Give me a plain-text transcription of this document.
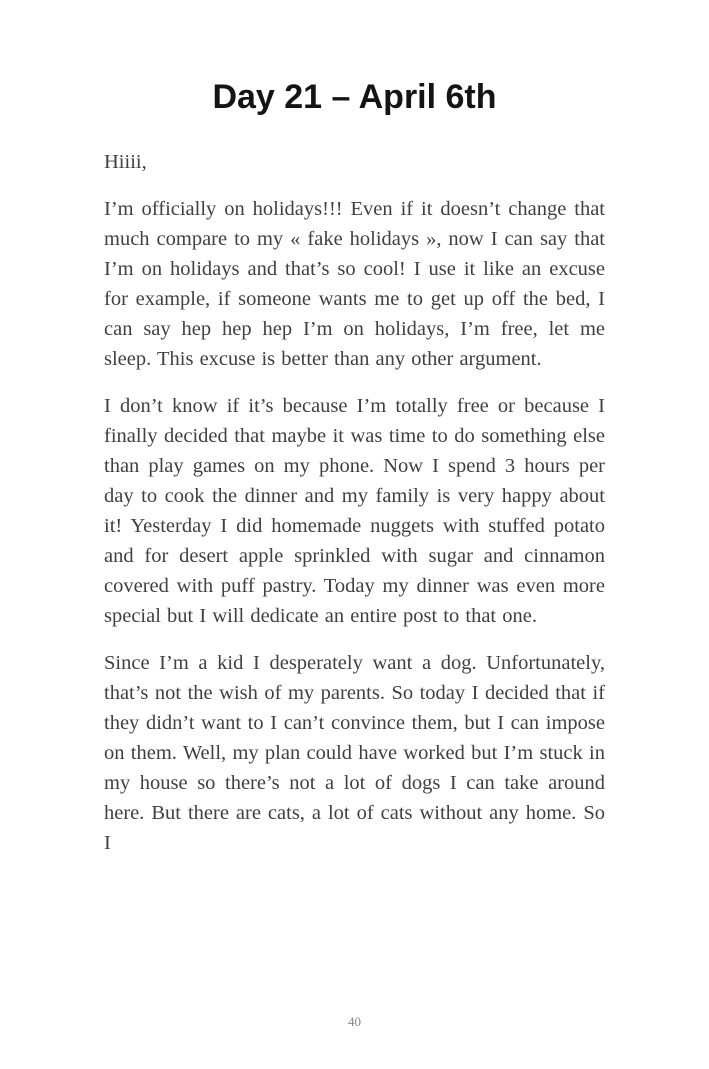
Day 21 – April 6th

Hiiii,

I’m officially on holidays!!! Even if it doesn’t change that much compare to my « fake holidays », now I can say that I’m on holidays and that’s so cool! I use it like an excuse for example, if someone wants me to get up off the bed, I can say hep hep hep I’m on holidays, I’m free, let me sleep. This excuse is better than any other argument.

I don’t know if it’s because I’m totally free or because I finally decided that maybe it was time to do something else than play games on my phone. Now I spend 3 hours per day to cook the dinner and my family is very happy about it! Yesterday I did homemade nuggets with stuffed potato and for desert apple sprinkled with sugar and cinnamon covered with puff pastry. Today my dinner was even more special but I will dedicate an entire post to that one.

Since I’m a kid I desperately want a dog. Unfortunately, that’s not the wish of my parents. So today I decided that if they didn’t want to I can’t convince them, but I can impose on them. Well, my plan could have worked but I’m stuck in my house so there’s not a lot of dogs I can take around here. But there are cats, a lot of cats without any home. So I

40
